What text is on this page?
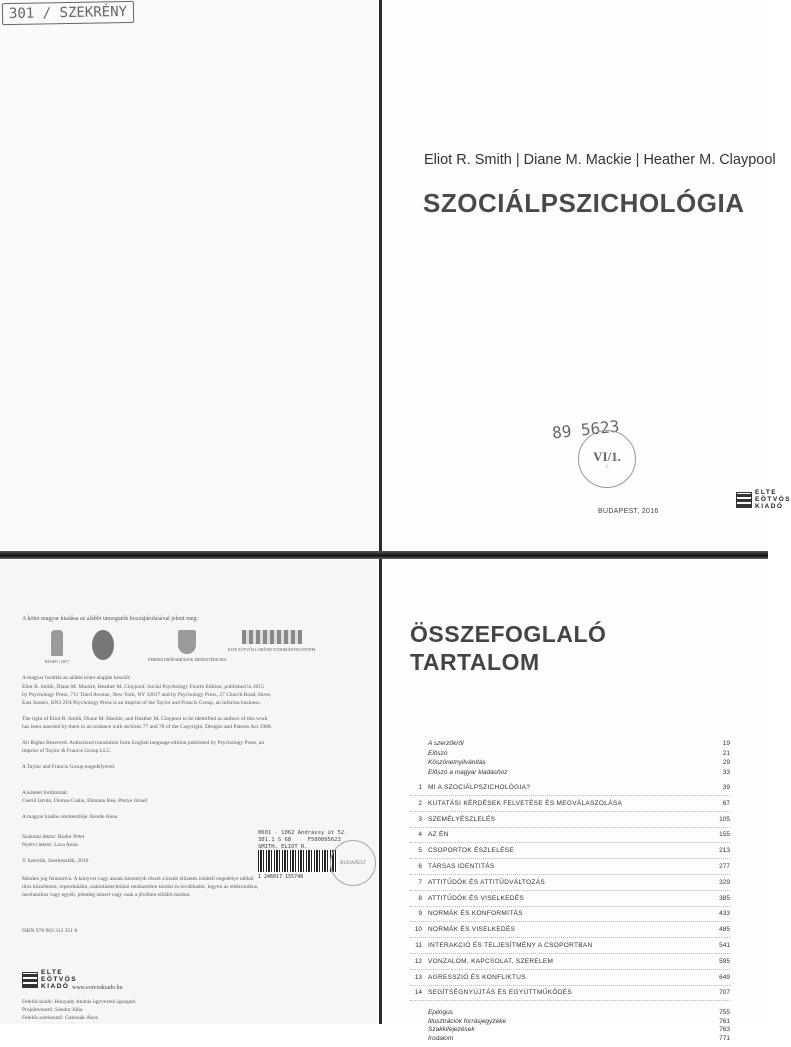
301 / SZEKRÉNY
Eliot R. Smith | Diane M. Mackie | Heather M. Claypool
SZOCIÁLPSZICHOLÓGIA
89 5623
VI/1.
○
BUDAPEST, 2016
ELTE
EÖTVÖS
KIADÓ
A kötet magyar kiadása az alábbi támogatók hozzájárulásával jelent meg:
PAGEO | 2017	EMBERI ERŐFORRÁSOK MINISZTÉRIUMA
ELTE EÖTVÖS LORÁND TUDOMÁNYEGYETEM
A magyar fordítás az alábbi kötet alapján készült:
Eliot R. Smith, Diane M. Mackie, Heather M. Claypool: Social Psychology Fourth Edition, published in 2015
by Psychology Press, 711 Third Avenue, New York, NY 10017 and by Psychology Press, 27 Church Road, Hove,
East Sussex, BN3 2FA Psychology Press is an imprint of the Taylor and Francis Group, an informa business.
The right of Eliot R. Smith, Diane M. Mackie, and Heather M. Claypool to be identified as authors of this work
has been asserted by them in accordance with sections 77 and 78 of the Copyright, Designs and Patents Act 1988.
All Rights Reserved. Authorized translation from English language edition published by Psychology Press, an
imprint of Taylor & Francis Group LLC.
A Taylor and Francis Group engedélyével.
A kötetet fordították:
Csertő István, Domsa Csaba, Ehmann Bea, Pintye József
A magyar kiadás szerkesztője: Kende Anna
Szakmai lektor: Bodor Péter
Nyelvi lektor: Laca Anna
© Szerzők, Szerkesztők, 2016
Minden jog fenntartva. A könyvet vagy annak bármelyik részét a kiadó előzetes írásbeli engedélye nélkül
tilos közzétenni, reprodukálni, számítástechnikai rendszerben tárolni és továbbadni, legyen az elektronikus,
mechanikus vagy egyéb, jelenleg ismert vagy csak a jövőben előálló módon.
ISBN 978 963 312 251 8
Felelős kiadó: Hunyady András ügyvezető igazgató
Projektvezető: Sándor Júlia
Felelős szerkesztő: Gabonák Ákos
0601 - 1062 Andrássy út 52.
301.1 S 68     F500895623
SMITH, ELIOT R.
1 246017 155748
BUDAPEST
ELTE
EÖTVÖS
KIADÓ www.eotvoskiado.hu
ÖSSZEFOGLALÓ
TARTALOM
A szerzőkről	19
Előszó	21
Köszönetnyilvánítás	29
Előszó a magyar kiadáshoz	33
1 MI A SZOCIÁLPSZICHOLÓGIA?	39
2 KUTATÁSI KÉRDÉSEK FELVETÉSE ÉS MEGVÁLASZOLÁSA	67
3 SZEMÉLYÉSZLELÉS	105
4 AZ ÉN	155
5 CSOPORTOK ÉSZLELÉSE	213
6 TÁRSAS IDENTITÁS	277
7 ATTITŰDÖK ÉS ATTITŰDVÁLTOZÁS	329
8 ATTITŰDÖK ÉS VISELKEDÉS	385
9 NORMÁK ÉS KONFORMITÁS	433
10 NORMÁK ÉS VISELKEDÉS	485
11 INTERAKCIÓ ÉS TELJESÍTMÉNY A CSOPORTBAN	541
12 VONZALOM, KAPCSOLAT, SZERELEM	595
13 AGRESSZIÓ ÉS KONFLIKTUS	649
14 SEGÍTSÉGNYÚJTÁS ÉS EGYÜTTMŰKÖDÉS	707
Epilógus	755
Illusztrációk forrásjegyzéke	761
Szakkifejezések	763
Irodalom	771
